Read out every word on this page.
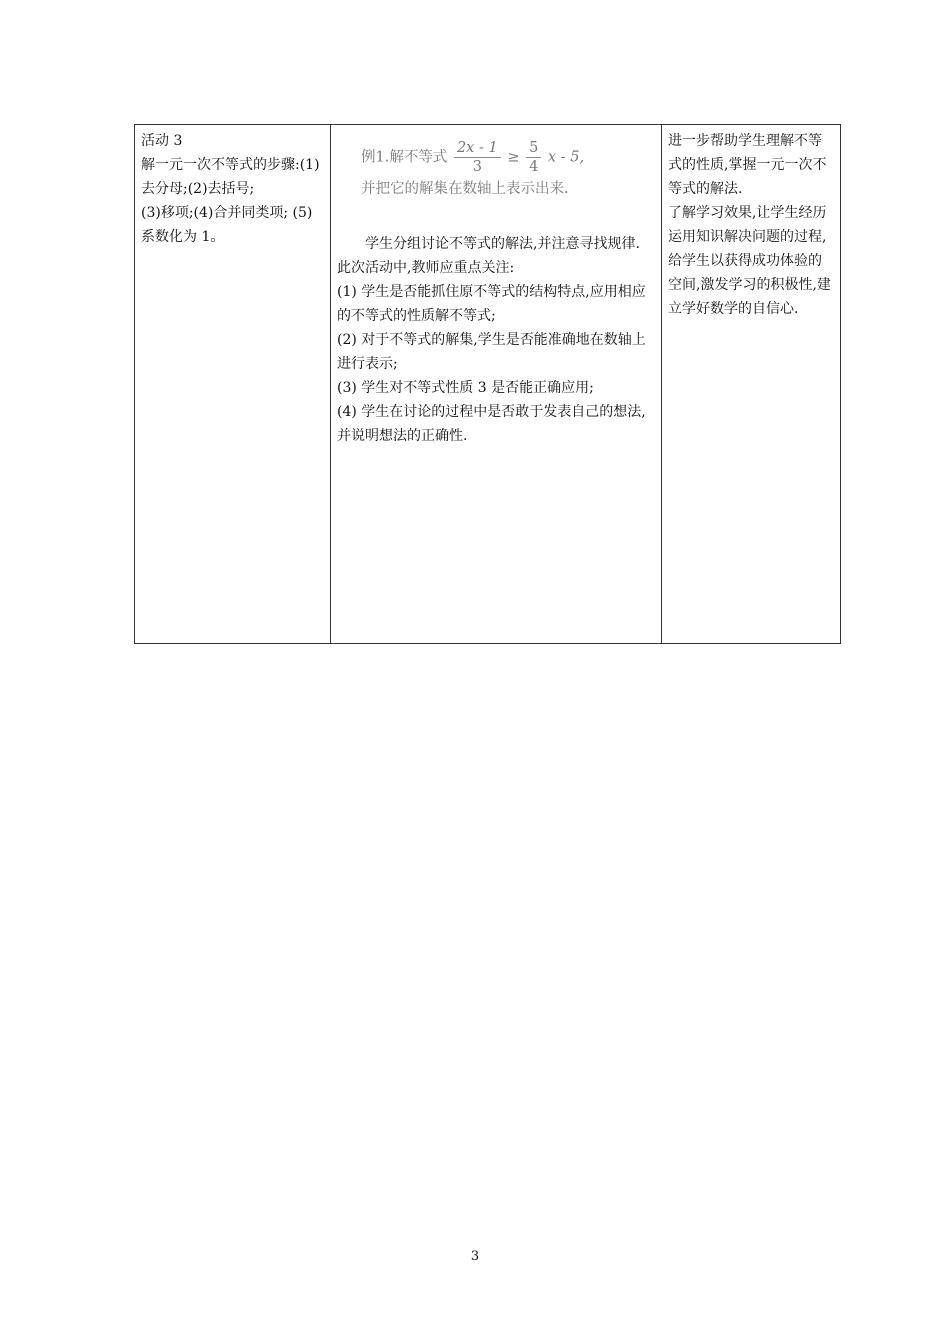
活动 3
解一元一次不等式的步骤:(1)去分母;(2)去括号;
(3)移项;(4)合并同类项; (5)系数化为 1。

例1.解不等式 $\frac{2x - 1}{3} \ge \frac{5}{4}$ x - 5,
并把它的解集在数轴上表示出来.
学生分组讨论不等式的解法,并注意寻找规律.
此次活动中,教师应重点关注:
(1) 学生是否能抓住原不等式的结构特点,应用相应的不等式的性质解不等式;
(2) 对于不等式的解集,学生是否能准确地在数轴上进行表示;
(3) 学生对不等式性质 3 是否能正确应用;
(4) 学生在讨论的过程中是否敢于发表自己的想法,并说明想法的正确性.

进一步帮助学生理解不等式的性质,掌握一元一次不等式的解法.
了解学习效果,让学生经历运用知识解决问题的过程,给学生以获得成功体验的空间,激发学习的积极性,建立学好数学的自信心.
3
